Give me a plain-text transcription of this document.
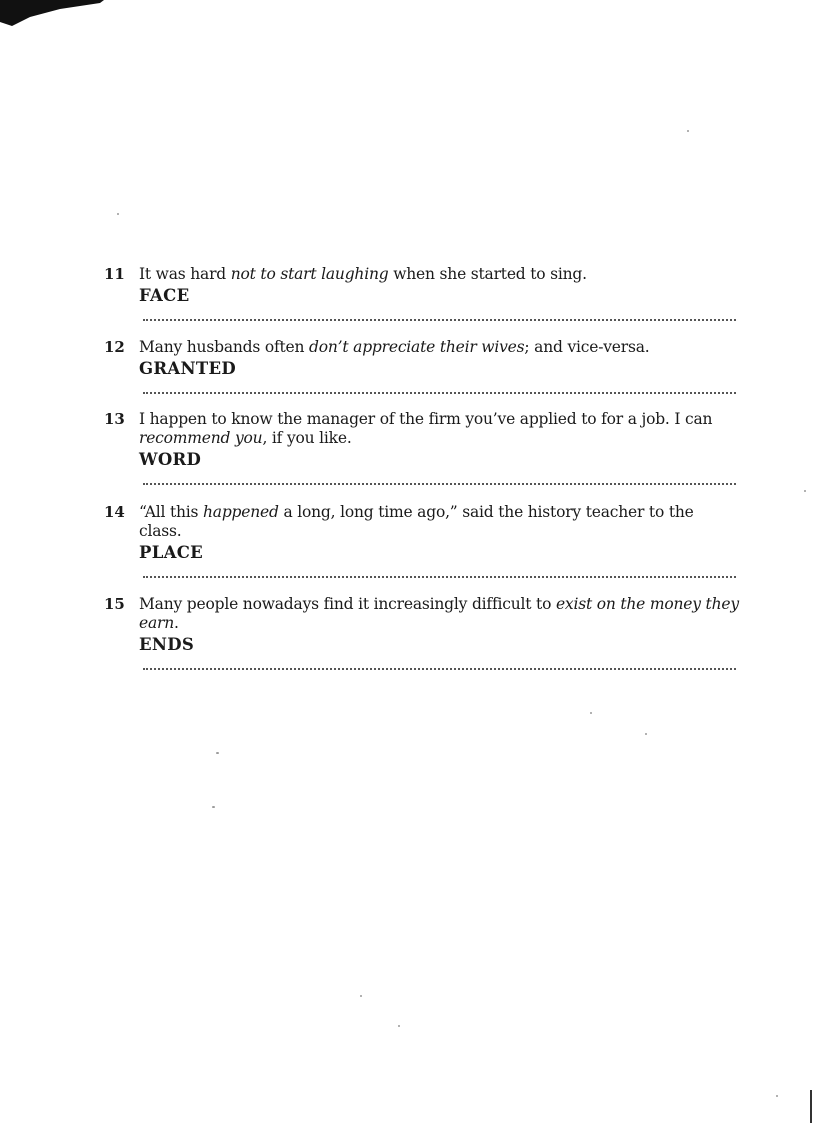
11 It was hard not to start laughing when she started to sing.
FACE
12 Many husbands often don’t appreciate their wives; and vice-versa.
GRANTED
13 I happen to know the manager of the firm you’ve applied to for a job. I can recommend you, if you like.
WORD
14 “All this happened a long, long time ago,” said the history teacher to the class.
PLACE
15 Many people nowadays find it increasingly difficult to exist on the money they earn.
ENDS
